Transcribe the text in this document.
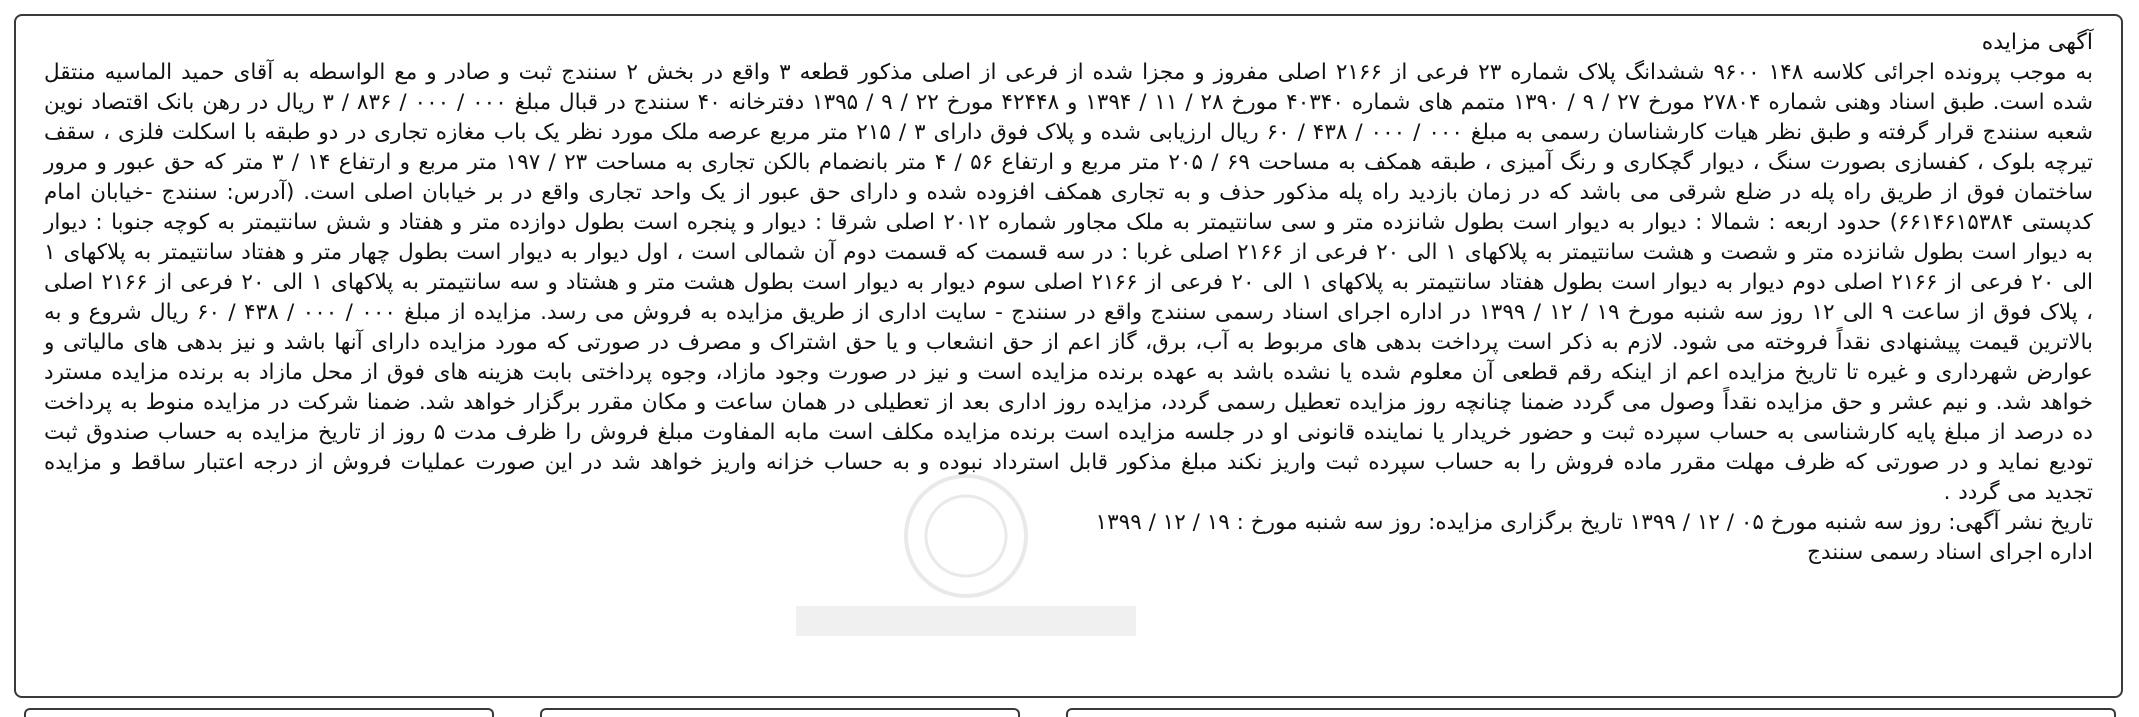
آگهی مزایده

به موجب پرونده اجرائی کلاسه ۱۴۸ ۹۶۰۰ ششدانگ پلاک شماره ۲۳ فرعی از ۲۱۶۶ اصلی مفروز و مجزا شده از فرعی از اصلی مذکور قطعه ۳ واقع در بخش ۲ سنندج ثبت و صادر و مع الواسطه به آقای حمید الماسیه منتقل شده است. طبق اسناد وهنی شماره ۲۷۸۰۴ مورخ ۲۷ / ۹ / ۱۳۹۰ متمم های شماره ۴۰۳۴۰ مورخ ۲۸ / ۱۱ / ۱۳۹۴ و ۴۲۴۴۸ مورخ ۲۲ / ۹ / ۱۳۹۵ دفترخانه ۴۰ سنندج در قبال مبلغ ۰۰۰ / ۰۰۰ / ۸۳۶ / ۳ ریال در رهن بانک اقتصاد نوین شعبه سنندج قرار گرفته و طبق نظر هیات کارشناسان رسمی به مبلغ ۰۰۰ / ۰۰۰ / ۴۳۸ / ۶۰ ریال ارزیابی شده و پلاک فوق دارای ۳ / ۲۱۵ متر مربع عرصه ملک مورد نظر یک باب مغازه تجاری در دو طبقه با اسکلت فلزی ، سقف تیرچه بلوک ، کفسازی بصورت سنگ ، دیوار گچکاری و رنگ آمیزی ، طبقه همکف به مساحت ۶۹ / ۲۰۵ متر مربع و ارتفاع ۵۶ / ۴ متر بانضمام بالکن تجاری به مساحت ۲۳ / ۱۹۷ متر مربع و ارتفاع ۱۴ / ۳ متر که حق عبور و مرور ساختمان فوق از طریق راه پله در ضلع شرقی می باشد که در زمان بازدید راه پله مذکور حذف و به تجاری همکف افزوده شده و دارای حق عبور از یک واحد تجاری واقع در بر خیابان اصلی است. (آدرس: سنندج -خیابان امام کدپستی ۶۶۱۴۶۱۵۳۸۴) حدود اربعه : شمالا : دیوار به دیوار است بطول شانزده متر و سی سانتیمتر به ملک مجاور شماره ۲۰۱۲ اصلی شرقا : دیوار و پنجره است بطول دوازده متر و هفتاد و شش سانتیمتر به کوچه جنوبا : دیوار به دیوار است بطول شانزده متر و شصت و هشت سانتیمتر به پلاکهای ۱ الی ۲۰ فرعی از ۲۱۶۶ اصلی غربا : در سه قسمت که قسمت دوم آن شمالی است ، اول دیوار به دیوار است بطول چهار متر و هفتاد سانتیمتر به پلاکهای ۱ الی ۲۰ فرعی از ۲۱۶۶ اصلی دوم دیوار به دیوار است بطول هفتاد سانتیمتر به پلاکهای ۱ الی ۲۰ فرعی از ۲۱۶۶ اصلی سوم دیوار به دیوار است بطول هشت متر و هشتاد و سه سانتیمتر به پلاکهای ۱ الی ۲۰ فرعی از ۲۱۶۶ اصلی ، پلاک فوق از ساعت ۹ الی ۱۲ روز سه شنبه مورخ ۱۹ / ۱۲ / ۱۳۹۹ در اداره اجرای اسناد رسمی سنندج واقع در سنندج - سایت اداری از طریق مزایده به فروش می رسد. مزایده از مبلغ ۰۰۰ / ۰۰۰ / ۴۳۸ / ۶۰ ریال شروع و به بالاترین قیمت پیشنهادی نقداً فروخته می شود. لازم به ذکر است پرداخت بدهی های مربوط به آب، برق، گاز اعم از حق انشعاب و یا حق اشتراک و مصرف در صورتی که مورد مزایده دارای آنها باشد و نیز بدهی های مالیاتی و عوارض شهرداری و غیره تا تاریخ مزایده اعم از اینکه رقم قطعی آن معلوم شده یا نشده باشد به عهده برنده مزایده است و نیز در صورت وجود مازاد، وجوه پرداختی بابت هزینه های فوق از محل مازاد به برنده مزایده مسترد خواهد شد. و نیم عشر و حق مزایده نقداً وصول می گردد ضمنا چنانچه روز مزایده تعطیل رسمی گردد، مزایده روز اداری بعد از تعطیلی در همان ساعت و مکان مقرر برگزار خواهد شد. ضمنا شرکت در مزایده منوط به پرداخت ده درصد از مبلغ پایه کارشناسی به حساب سپرده ثبت و حضور خریدار یا نماینده قانونی او در جلسه مزایده است برنده مزایده مکلف است مابه المفاوت مبلغ فروش را ظرف مدت ۵ روز از تاریخ مزایده به حساب صندوق ثبت تودیع نماید و در صورتی که ظرف مهلت مقرر ماده فروش را به حساب سپرده ثبت واریز نکند مبلغ مذکور قابل استرداد نبوده و به حساب خزانه واریز خواهد شد در این صورت عملیات فروش از درجه اعتبار ساقط و مزایده تجدید می گردد .

تاریخ نشر آگهی: روز سه شنبه مورخ ۰۵ / ۱۲ / ۱۳۹۹ تاریخ برگزاری مزایده: روز سه شنبه مورخ : ۱۹ / ۱۲ / ۱۳۹۹

اداره اجرای اسناد رسمی سنندج
